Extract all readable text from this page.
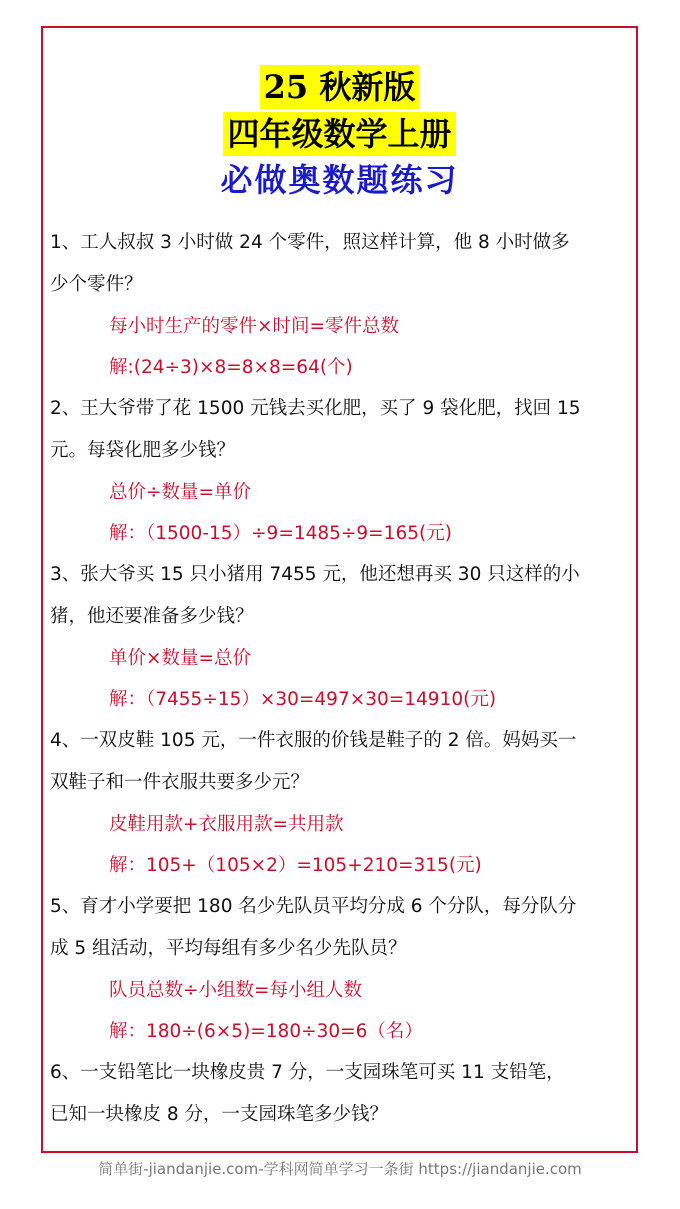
25 秋新版
四年级数学上册
必做奥数题练习
1、工人叔叔 3 小时做 24 个零件，照这样计算，他 8 小时做多
少个零件？
每小时生产的零件×时间=零件总数
解:(24÷3)×8=8×8=64(个)
2、王大爷带了花 1500 元钱去买化肥，买了 9 袋化肥，找回 15
元。每袋化肥多少钱？
总价÷数量=单价
解：（1500-15）÷9=1485÷9=165(元)
3、张大爷买 15 只小猪用 7455 元，他还想再买 30 只这样的小
猪，他还要准备多少钱？
单价×数量=总价
解：（7455÷15）×30=497×30=14910(元)
4、一双皮鞋 105 元，一件衣服的价钱是鞋子的 2 倍。妈妈买一
双鞋子和一件衣服共要多少元？
皮鞋用款+衣服用款=共用款
解：105+（105×2）=105+210=315(元)
5、育才小学要把 180 名少先队员平均分成 6 个分队，每分队分
成 5 组活动，平均每组有多少名少先队员？
队员总数÷小组数=每小组人数
解：180÷(6×5)=180÷30=6（名）
6、一支铅笔比一块橡皮贵 7 分，一支园珠笔可买 11 支铅笔，
已知一块橡皮 8 分，一支园珠笔多少钱？
简单街-jiandanjie.com-学科网简单学习一条街 https://jiandanjie.com
